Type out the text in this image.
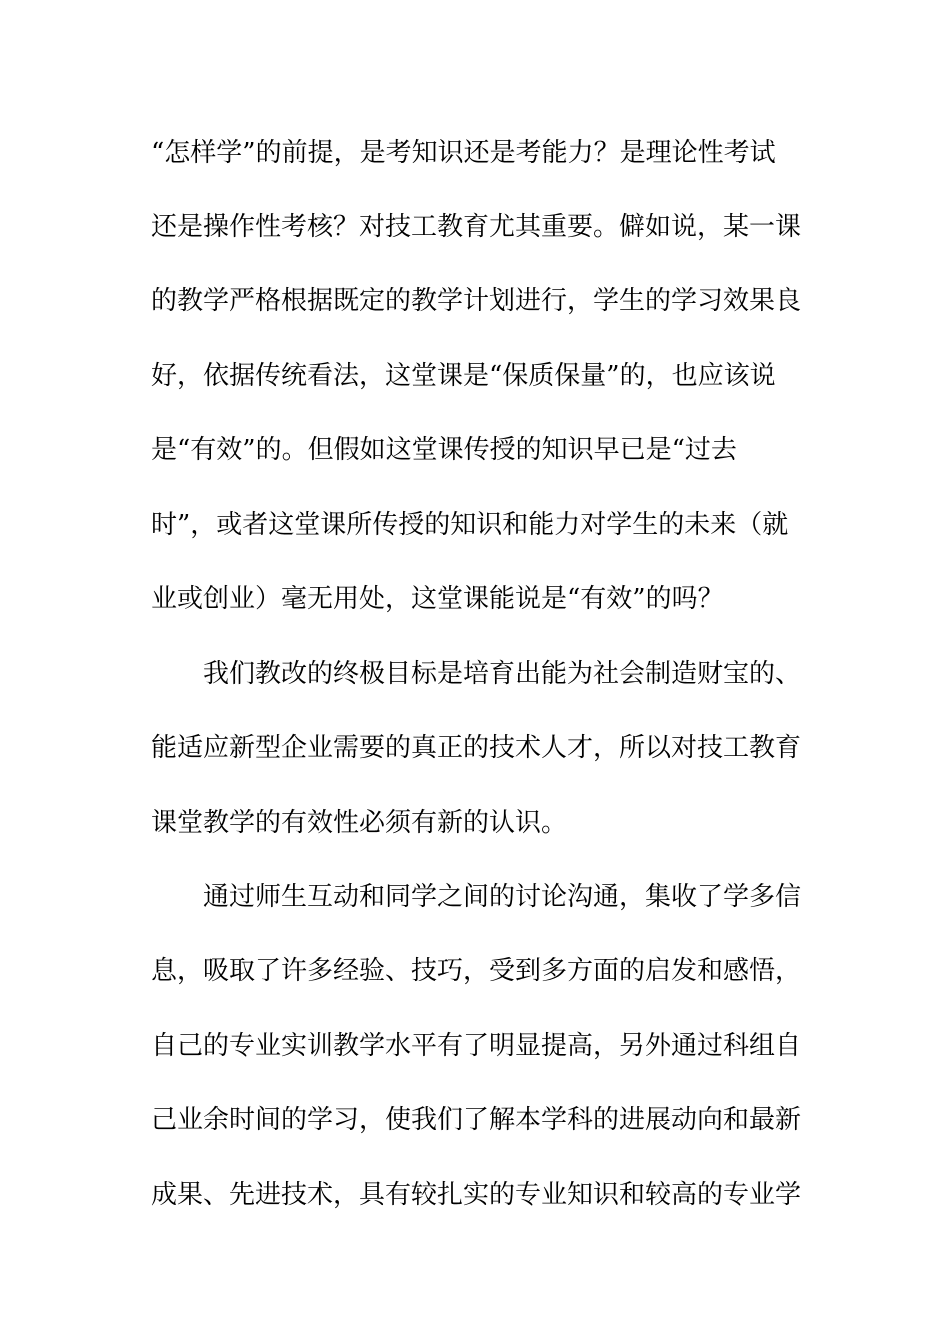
“怎样学”的前提，是考知识还是考能力？是理论性考试
还是操作性考核？对技工教育尤其重要。僻如说，某一课
的教学严格根据既定的教学计划进行，学生的学习效果良
好，依据传统看法，这堂课是“保质保量”的，也应该说
是“有效”的。但假如这堂课传授的知识早已是“过去
时”，或者这堂课所传授的知识和能力对学生的未来（就
业或创业）毫无用处，这堂课能说是“有效”的吗？
我们教改的终极目标是培育出能为社会制造财宝的、
能适应新型企业需要的真正的技术人才，所以对技工教育
课堂教学的有效性必须有新的认识。
通过师生互动和同学之间的讨论沟通，集收了学多信
息，吸取了许多经验、技巧，受到多方面的启发和感悟，
自己的专业实训教学水平有了明显提高，另外通过科组自
己业余时间的学习，使我们了解本学科的进展动向和最新
成果、先进技术，具有较扎实的专业知识和较高的专业学
